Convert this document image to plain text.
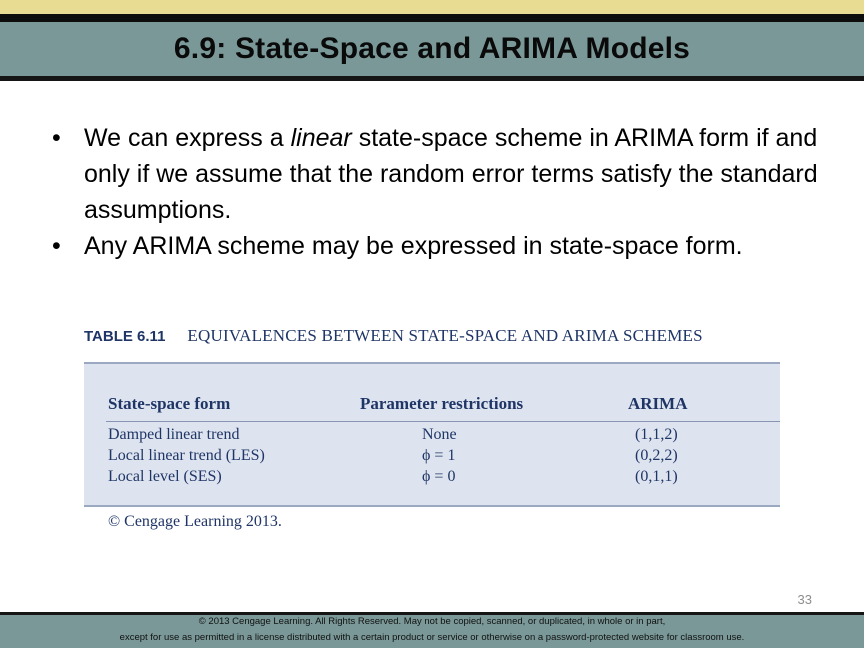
6.9: State-Space and ARIMA Models
• We can express a linear state-space scheme in ARIMA form if and only if we assume that the random error terms satisfy the standard assumptions.
• Any ARIMA scheme may be expressed in state-space form.
TABLE 6.11 EQUIVALENCES BETWEEN STATE-SPACE AND ARIMA SCHEMES
State-space form	Parameter restrictions	ARIMA
Damped linear trend	None	(1,1,2)
Local linear trend (LES)	ϕ = 1	(0,2,2)
Local level (SES)	ϕ = 0	(0,1,1)
© Cengage Learning 2013.
33
© 2013 Cengage Learning. All Rights Reserved. May not be copied, scanned, or duplicated, in whole or in part,
except for use as permitted in a license distributed with a certain product or service or otherwise on a password-protected website for classroom use.
